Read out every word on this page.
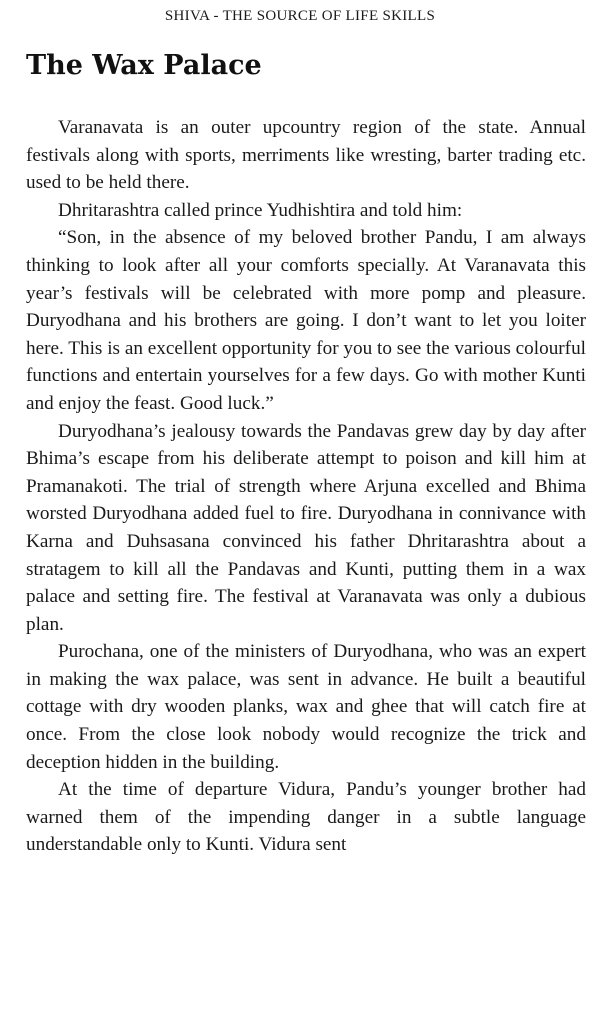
SHIVA - THE SOURCE OF LIFE SKILLS
The Wax Palace

Varanavata is an outer upcountry region of the state. Annual festivals along with sports, merriments like wresting, barter trading etc. used to be held there.

Dhritarashtra called prince Yudhishtira and told him:

“Son, in the absence of my beloved brother Pandu, I am always thinking to look after all your comforts specially. At Varanavata this year’s festivals will be celebrated with more pomp and pleasure. Duryodhana and his brothers are going. I don’t want to let you loiter here. This is an excellent opportunity for you to see the various colourful functions and entertain yourselves for a few days. Go with mother Kunti and enjoy the feast. Good luck.”

Duryodhana’s jealousy towards the Pandavas grew day by day after Bhima’s escape from his deliberate attempt to poison and kill him at Pramanakoti. The trial of strength where Arjuna excelled and Bhima worsted Duryodhana added fuel to fire. Duryodhana in connivance with Karna and Duhsasana convinced his father Dhritarashtra about a stratagem to kill all the Pandavas and Kunti, putting them in a wax palace and setting fire. The festival at Varanavata was only a dubious plan.

Purochana, one of the ministers of Duryodhana, who was an expert in making the wax palace, was sent in advance. He built a beautiful cottage with dry wooden planks, wax and ghee that will catch fire at once. From the close look nobody would recognize the trick and deception hidden in the building.

At the time of departure Vidura, Pandu’s younger brother had warned them of the impending danger in a subtle language understandable only to Kunti. Vidura sent
